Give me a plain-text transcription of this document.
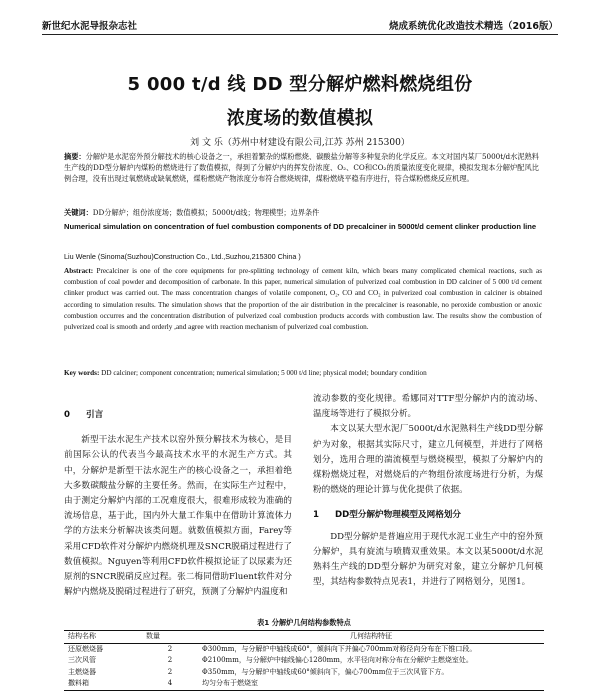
新世纪水泥导报杂志社	烧成系统优化改造技术精选（2016版）
5 000 t/d 线 DD 型分解炉燃料燃烧组份
浓度场的数值模拟
刘 文 乐（苏州中材建设有限公司,江苏 苏州 215300）
摘要：分解炉是水泥窑外预分解技术的核心设备之一，承担着繁杂的煤粉燃烧、碳酸盐分解等多种复杂的化学反应。本文对国内某厂5000t/d水泥熟料生产线的DD型分解炉内煤粉的燃烧进行了数值模拟，得到了分解炉内的挥发份浓度、O₂、CO和CO₂的质量浓度变化规律，模拟发现本分解炉配风比例合理，没有出现过氧燃烧或缺氧燃烧，煤粉燃烧产物浓度分布符合燃烧规律，煤粉燃烧平稳有序进行，符合煤粉燃烧反应机理。
关键词：DD分解炉；组份浓度场；数值模拟；5000t/d线；物理模型；边界条件
Numerical simulation on concentration of fuel combustion components of DD precalciner in 5000t/d cement clinker production line
Liu Wenle (Sinoma(Suzhou)Construction Co., Ltd.,Suzhou,215300 China )
Abstract: Precalciner is one of the core equipments for pre-splitting technology of cement kiln, which bears many complicated chemical reactions, such as combustion of coal powder and decomposition of carbonate. In this paper, numerical simulation of pulverized coal combustion in DD calciner of 5 000 t/d cement clinker product was carried out. The mass concentration changes of volatile component, O₂, CO and CO₂ in pulverized coal combustion in calciner is obtained according to simulation results. The simulation shows that the proportion of the air distribution in the precalciner is reasonable, no peroxide combustion or anoxic combustion occurres and the concentration distribution of pulverized coal combustion products accords with combustion law. The results show the combustion of pulverized coal is smooth and orderly ,and agree with reaction mechanism of pulverized coal combustion.
Key words: DD calciner; component concentration; numerical simulation; 5 000 t/d line; physical model; boundary condition
0 引言

新型干法水泥生产技术以窑外预分解技术为核心，是目前国际公认的代表当今最高技术水平的水泥生产方式。其中，分解炉是新型干法水泥生产的核心设备之一，承担着绝大多数碳酸盐分解的主要任务。然而，在实际生产过程中，由于测定分解炉内部的工况难度很大，很难形成较为准确的流场信息，基于此，国内外大量工作集中在借助计算流体力学的方法来分析解决该类问题。就数值模拟方面，Farey等采用CFD软件对分解炉内燃烧机理及SNCR脱硝过程进行了数值模拟。Nguyen等利用CFD软件模拟论证了以尿素为还原剂的SNCR脱硝反应过程。张二梅同借助Fluent软件对分解炉内燃烧及脱硝过程进行了研究，预测了分解炉内温度和

流动参数的变化规律。希娜同对TTF型分解炉内的流动场、温度场等进行了模拟分析。

本文以某大型水泥厂5000t/d水泥熟料生产线DD型分解炉为对象，根据其实际尺寸，建立几何模型，并进行了网格划分，选用合理的湍流模型与燃烧模型，模拟了分解炉内的煤粉燃烧过程，对燃烧后的产物组份浓度场进行分析，为煤粉的燃烧的理论计算与优化提供了依据。

1 DD型分解炉物理模型及网格划分

DD型分解炉是普遍应用于现代水泥工业生产中的窑外预分解炉，具有旋流与喷腾双重效果。本文以某5000t/d水泥熟料生产线的DD型分解炉为研究对象，建立分解炉几何模型，其结构参数特点见表1，并进行了网格划分，见图1。

表1 分解炉几何结构参数特点
结构名称	数量	几何结构特征
还原燃烧器	2	Φ300mm，与分解炉中轴线成60°，倾斜向下并偏心700mm对称径向分布在下锥口段。
三次风管	2	Φ2100mm，与分解炉中轴线偏心1280mm，水平径向对称分布在分解炉主燃烧室处。
主燃烧器	2	Φ350mm，与分解炉中轴线成60°倾斜向下，偏心700mm位于三次风管下方。
撒料箱	4	均匀分布于燃烧室
